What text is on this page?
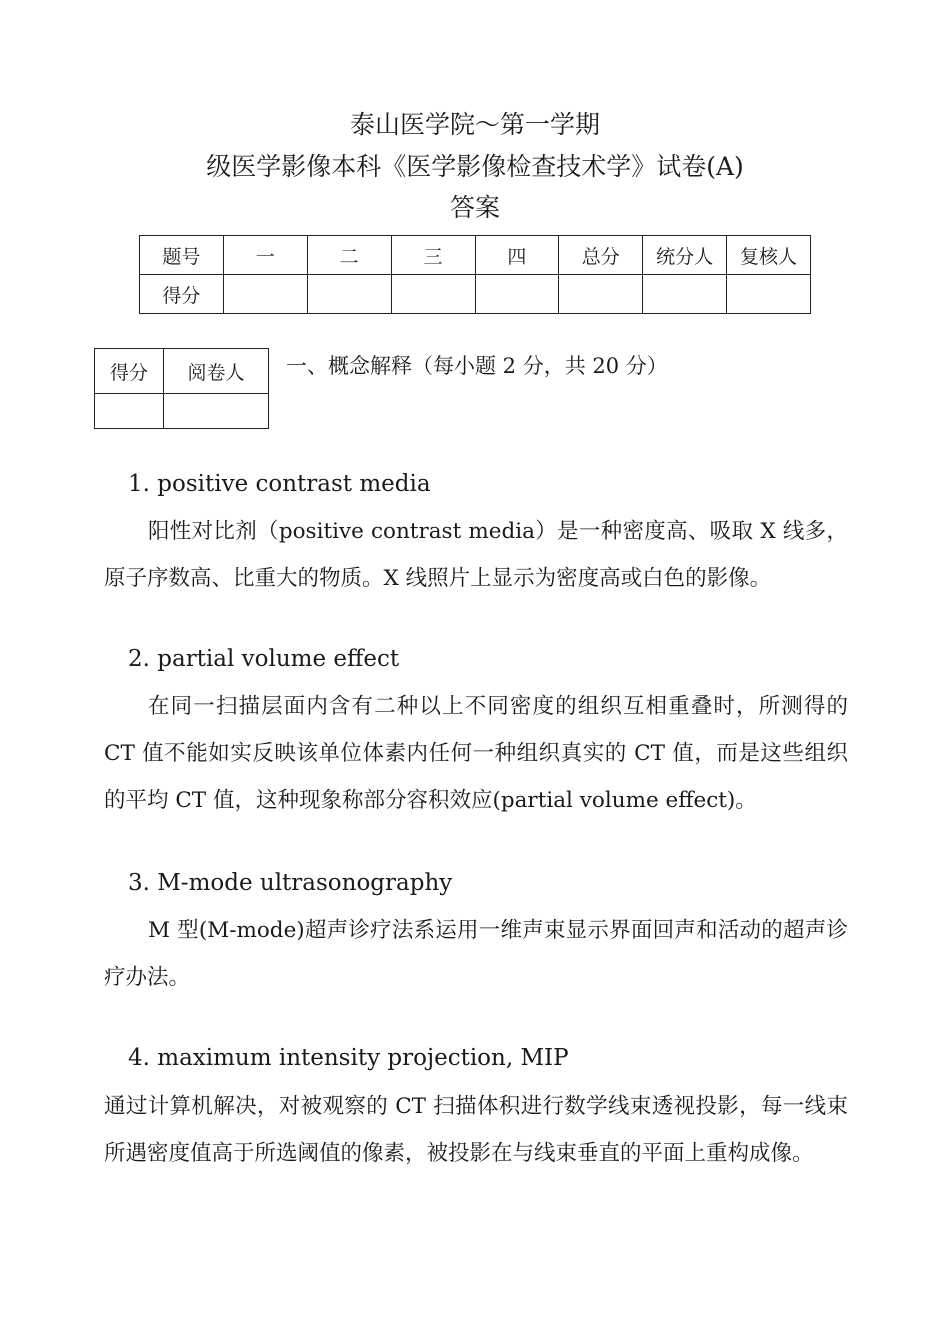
泰山医学院～第一学期
级医学影像本科《医学影像检查技术学》试卷(A)
答案
题号	一	二	三	四	总分	统分人	复核人
得分							
得分	阅卷人
	一、概念解释（每小题 2 分，共 20 分）
1. positive contrast media
阳性对比剂（positive contrast media）是一种密度高、吸取 X 线多，原子序数高、比重大的物质。X 线照片上显示为密度高或白色的影像。
2. partial volume effect
在同一扫描层面内含有二种以上不同密度的组织互相重叠时，所测得的 CT 值不能如实反映该单位体素内任何一种组织真实的 CT 值，而是这些组织的平均 CT 值，这种现象称部分容积效应(partial volume effect)。
3. M-mode ultrasonography
M 型(M-mode)超声诊疗法系运用一维声束显示界面回声和活动的超声诊疗办法。
4. maximum intensity projection, MIP
通过计算机解决，对被观察的 CT 扫描体积进行数学线束透视投影，每一线束所遇密度值高于所选阈值的像素，被投影在与线束垂直的平面上重构成像。
